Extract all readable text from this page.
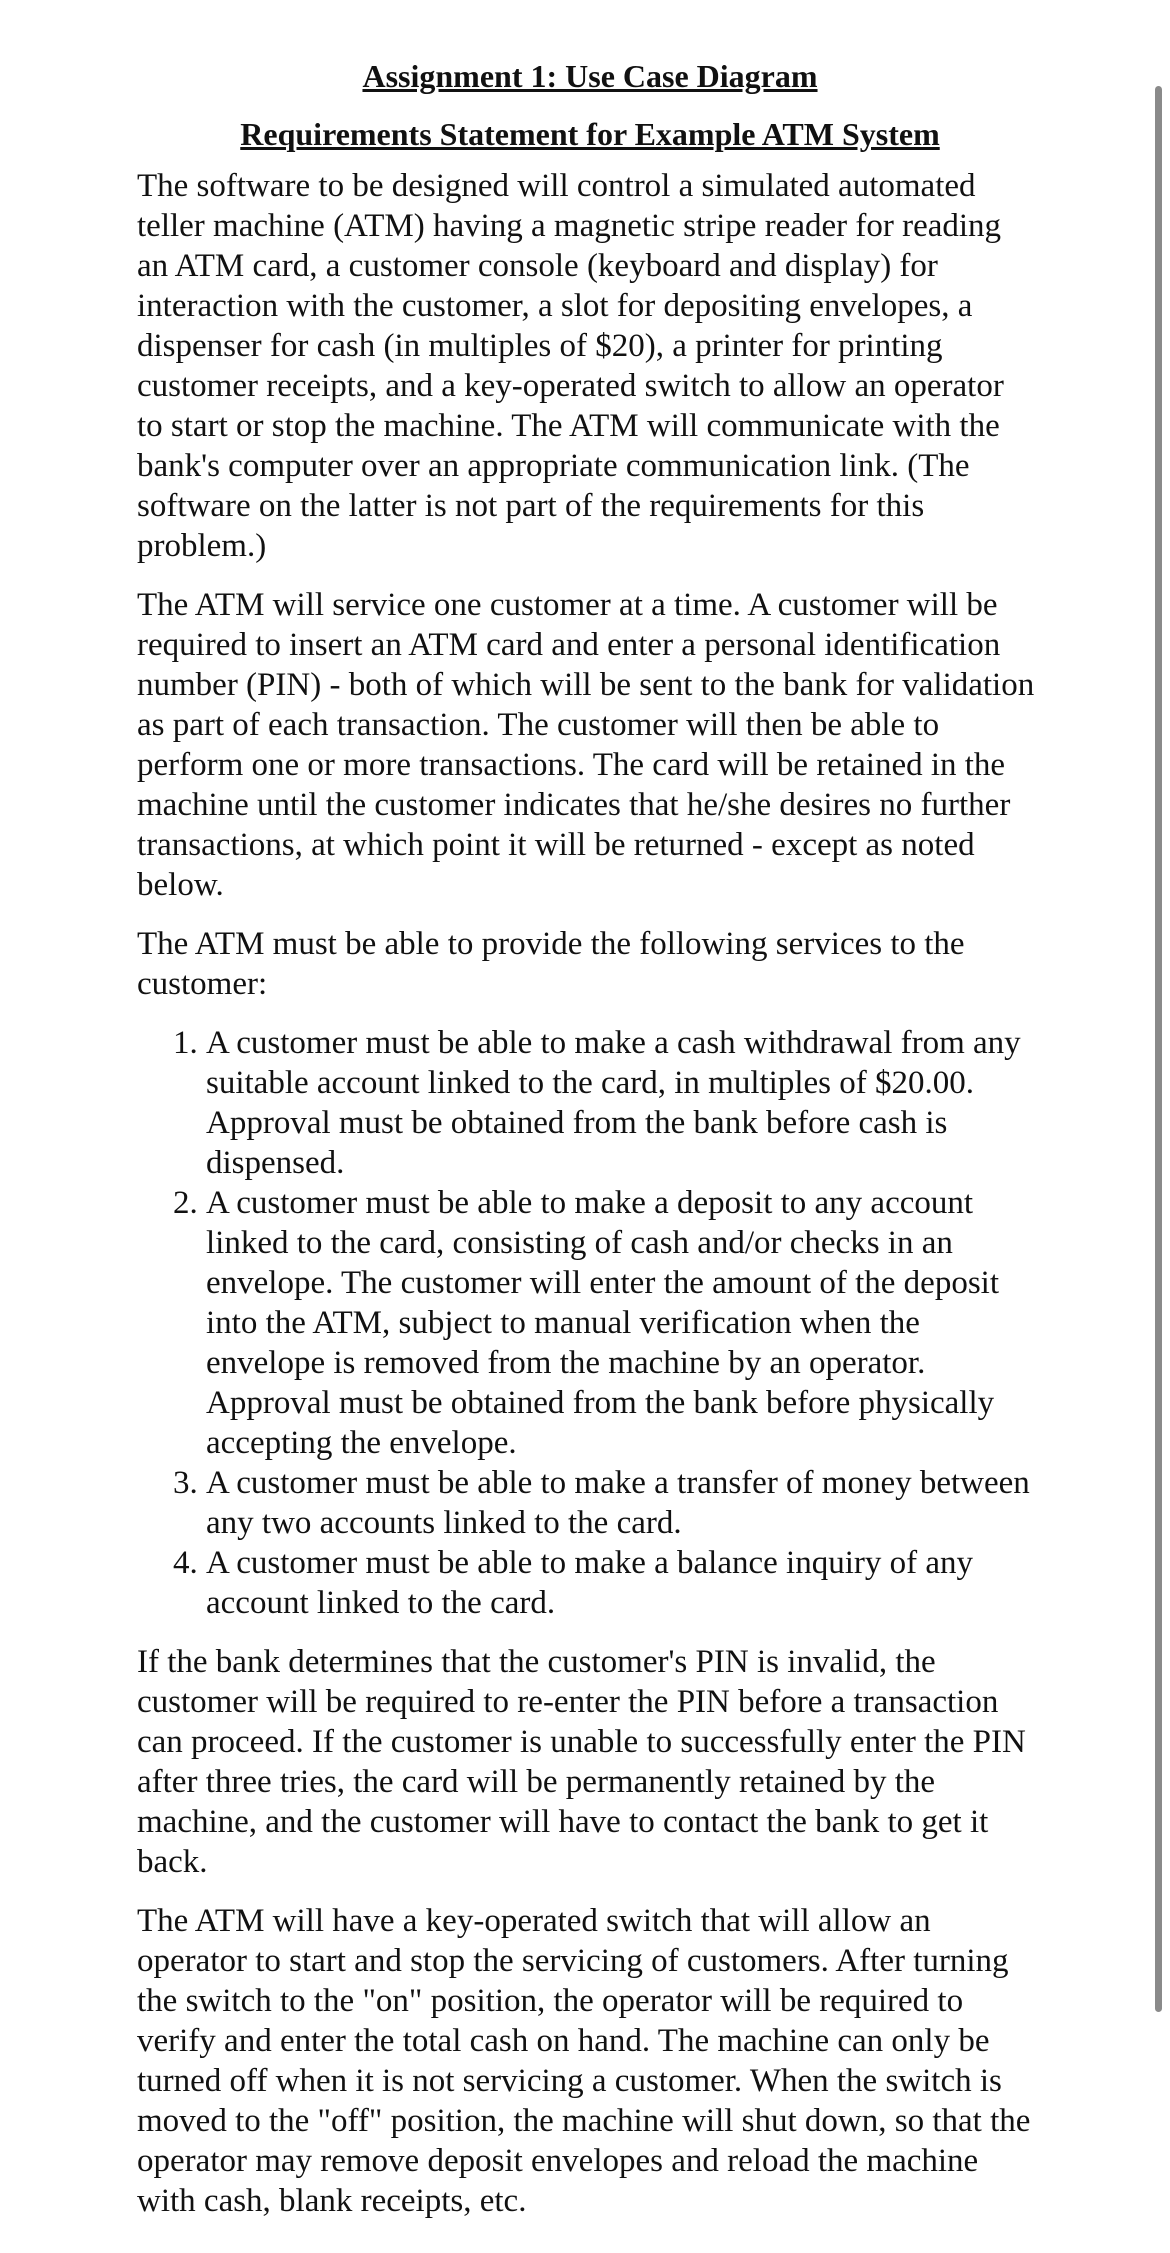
Assignment 1: Use Case Diagram
Requirements Statement for Example ATM System

The software to be designed will control a simulated automated teller machine (ATM) having a magnetic stripe reader for reading an ATM card, a customer console (keyboard and display) for interaction with the customer, a slot for depositing envelopes, a dispenser for cash (in multiples of $20), a printer for printing customer receipts, and a key-operated switch to allow an operator to start or stop the machine. The ATM will communicate with the bank's computer over an appropriate communication link. (The software on the latter is not part of the requirements for this problem.)

The ATM will service one customer at a time. A customer will be required to insert an ATM card and enter a personal identification number (PIN) - both of which will be sent to the bank for validation as part of each transaction. The customer will then be able to perform one or more transactions. The card will be retained in the machine until the customer indicates that he/she desires no further transactions, at which point it will be returned - except as noted below.

The ATM must be able to provide the following services to the customer:

1. A customer must be able to make a cash withdrawal from any suitable account linked to the card, in multiples of $20.00. Approval must be obtained from the bank before cash is dispensed.
2. A customer must be able to make a deposit to any account linked to the card, consisting of cash and/or checks in an envelope. The customer will enter the amount of the deposit into the ATM, subject to manual verification when the envelope is removed from the machine by an operator. Approval must be obtained from the bank before physically accepting the envelope.
3. A customer must be able to make a transfer of money between any two accounts linked to the card.
4. A customer must be able to make a balance inquiry of any account linked to the card.

If the bank determines that the customer's PIN is invalid, the customer will be required to re-enter the PIN before a transaction can proceed. If the customer is unable to successfully enter the PIN after three tries, the card will be permanently retained by the machine, and the customer will have to contact the bank to get it back.

The ATM will have a key-operated switch that will allow an operator to start and stop the servicing of customers. After turning the switch to the "on" position, the operator will be required to verify and enter the total cash on hand. The machine can only be turned off when it is not servicing a customer. When the switch is moved to the "off" position, the machine will shut down, so that the operator may remove deposit envelopes and reload the machine with cash, blank receipts, etc.
